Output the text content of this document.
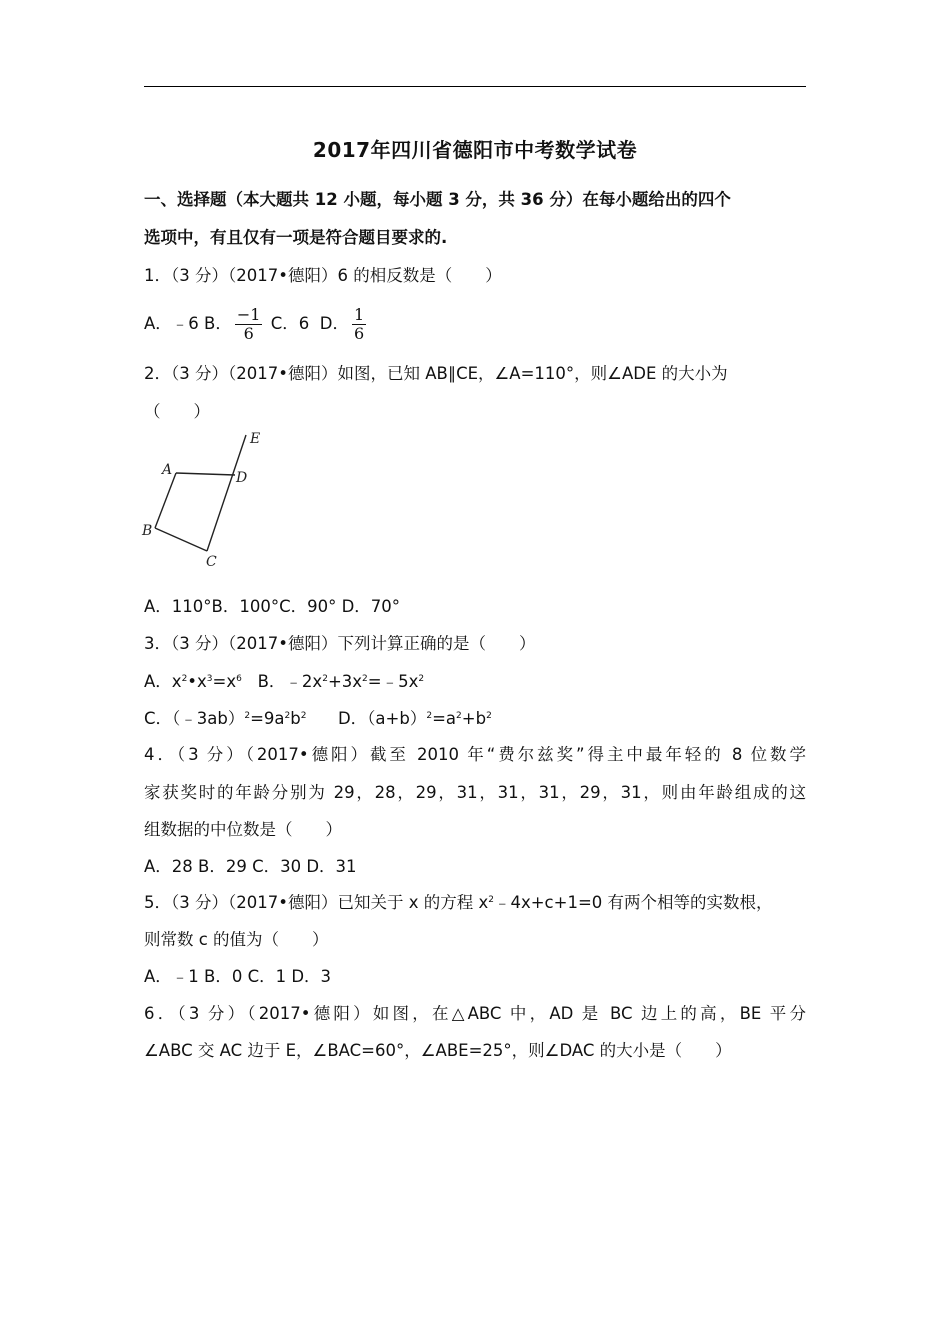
2017年四川省德阳市中考数学试卷
一、选择题（本大题共 12 小题，每小题 3 分，共 36 分）在每小题给出的四个
选项中，有且仅有一项是符合题目要求的.
1．（3 分）（2017•德阳）6 的相反数是（　　）
A．﹣6 B． $\frac{-1}{6}$ C．6 D． $\frac{1}{6}$
2．（3 分）（2017•德阳）如图，已知 AB∥CE，∠A=110°，则∠ADE 的大小为
（　　）
A
B
C
D
E
A．110°B．100°C．90° D．70°
3．（3 分）（2017•德阳）下列计算正确的是（　　）
A．$x^2•x^3=x^6$ B．$﹣2x^2+3x^2=﹣5x^2$
C．$(﹣3ab)^2=9a^2b^2$ D．$(a+b)^2=a^2+b^2$
4．（3 分）（2017•德阳）截至 2010 年“费尔兹奖”得主中最年轻的 8 位数学
家获奖时的年龄分别为 29，28，29，31，31，31，29，31，则由年龄组成的这
组数据的中位数是（　　）
A．28 B．29 C．30 D．31
5．（3 分）（2017•德阳）已知关于 x 的方程 $x^2﹣4x+c+1=0$ 有两个相等的实数根，
则常数 c 的值为（　　）
A．﹣1 B．0 C．1 D．3
6．（3 分）（2017•德阳）如图，在△ABC 中，AD 是 BC 边上的高，BE 平分
∠ABC 交 AC 边于 E，∠BAC=60°，∠ABE=25°，则∠DAC 的大小是（　　）
